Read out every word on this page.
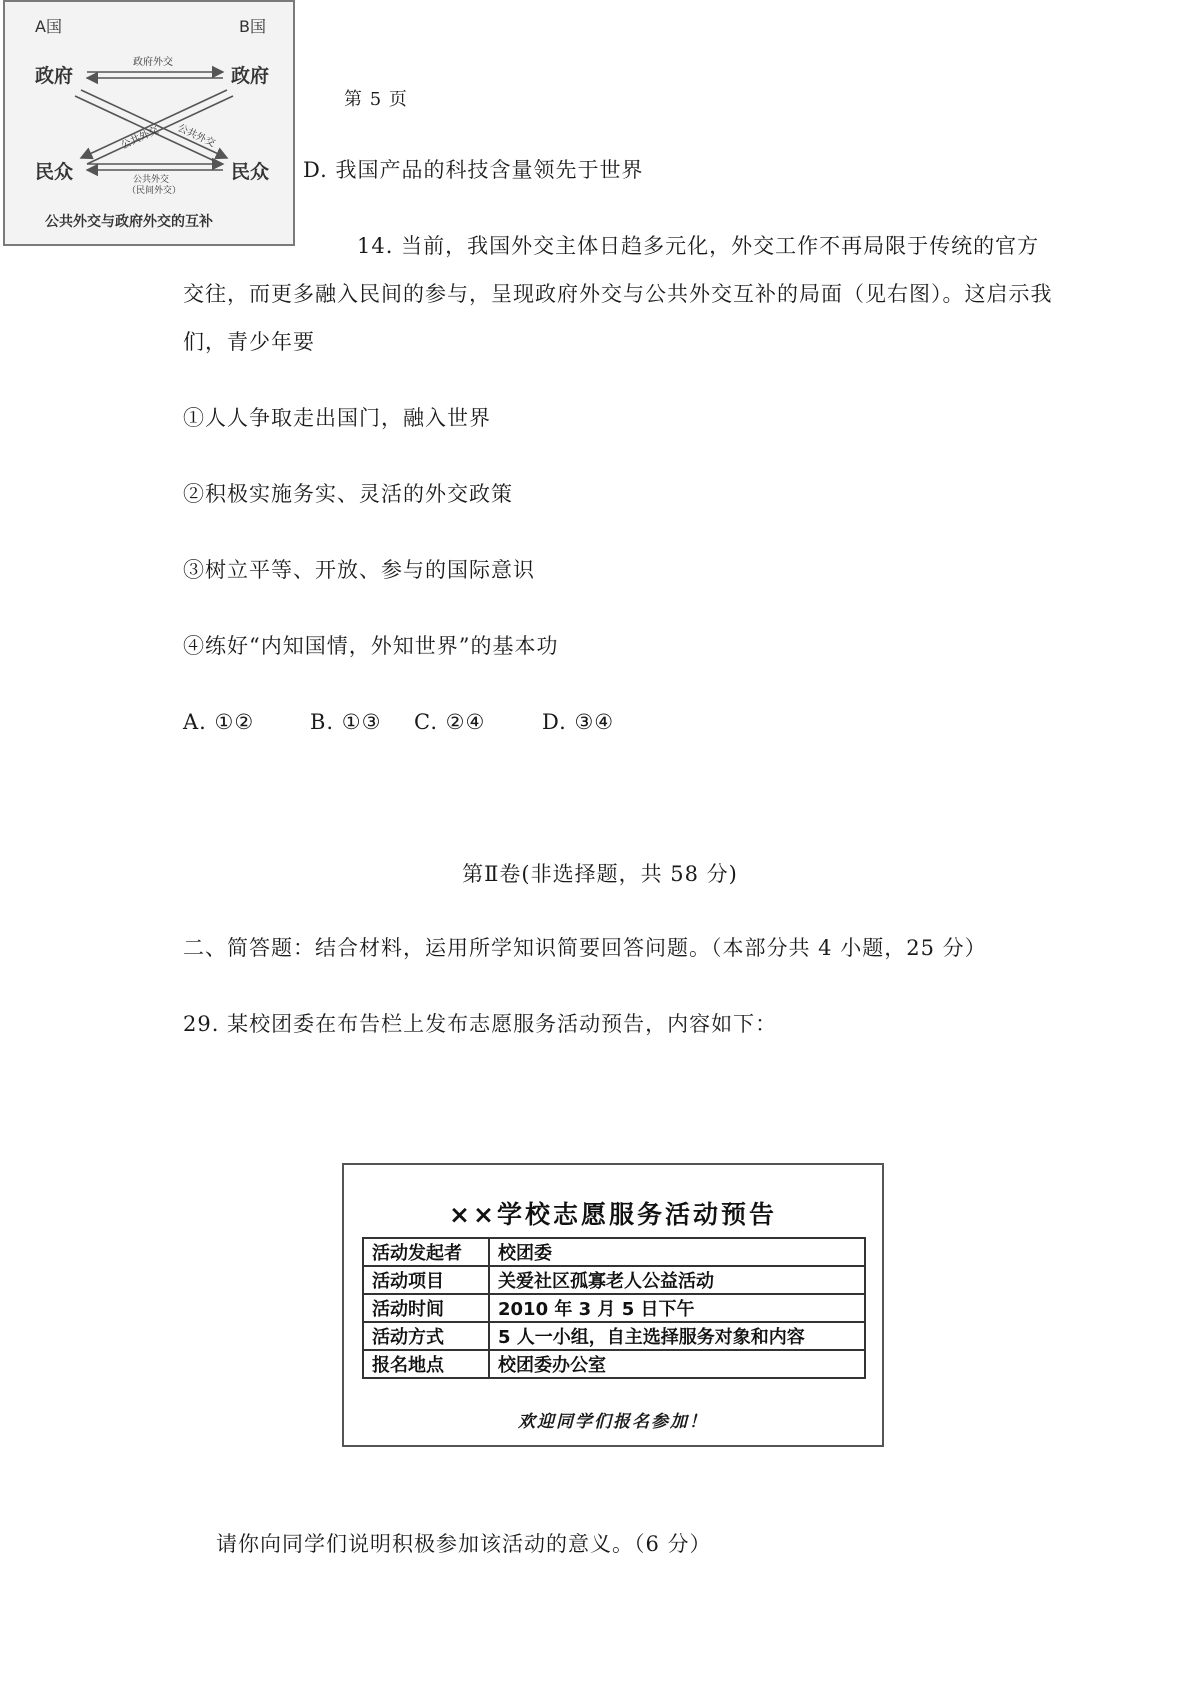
A国	B国
政府	政府
民众	民众
政府外交
公共外交 公共外交
公共外交
（民间外交）
公共外交与政府外交的互补
第 5 页
D. 我国产品的科技含量领先于世界
14. 当前，我国外交主体日趋多元化，外交工作不再局限于传统的官方
交往，而更多融入民间的参与，呈现政府外交与公共外交互补的局面（见右图）。这启示我
们，青少年要
①人人争取走出国门，融入世界
②积极实施务实、灵活的外交政策
③树立平等、开放、参与的国际意识
④练好“内知国情，外知世界”的基本功
A. ①②	B. ①③ C. ②④	D. ③④
第Ⅱ卷(非选择题，共 58 分)
二、简答题：结合材料，运用所学知识简要回答问题。（本部分共 4 小题，25 分）
29. 某校团委在布告栏上发布志愿服务活动预告，内容如下：
××学校志愿服务活动预告
活动发起者	校团委
活动项目	关爱社区孤寡老人公益活动
活动时间	2010 年 3 月 5 日下午
活动方式	5 人一小组，自主选择服务对象和内容
报名地点	校团委办公室
欢迎同学们报名参加！
请你向同学们说明积极参加该活动的意义。（6 分）
